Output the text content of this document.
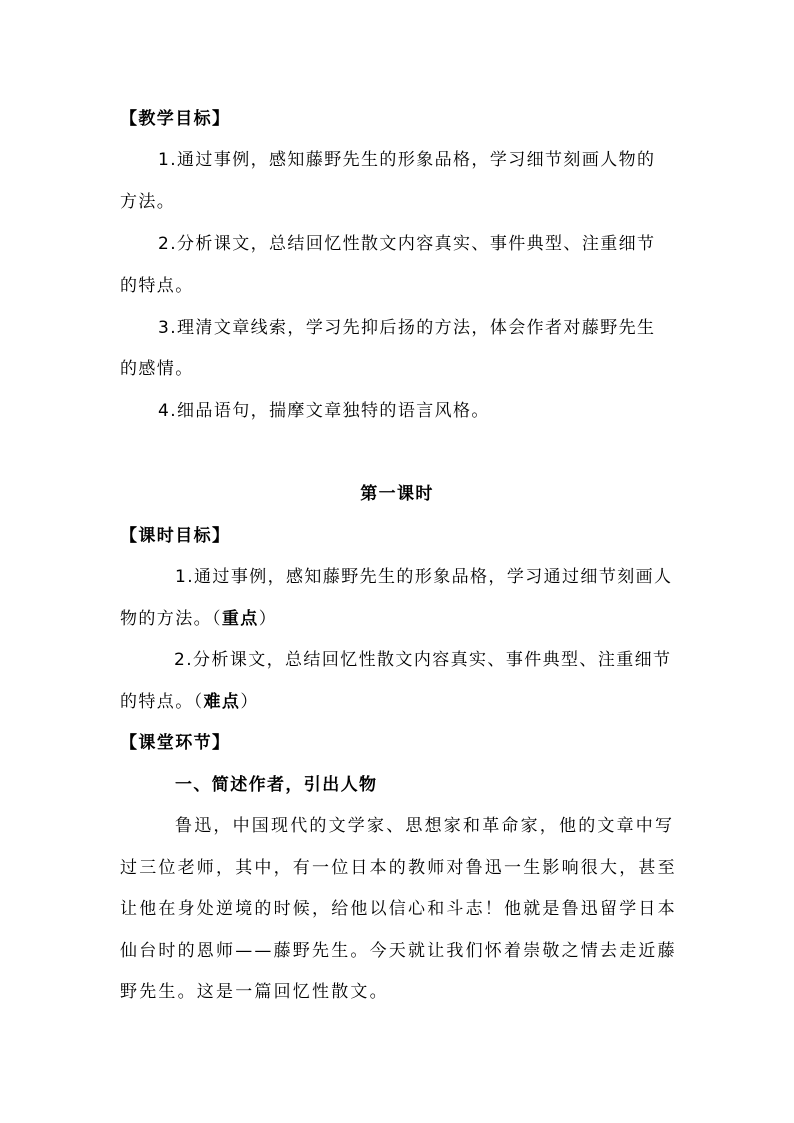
【教学目标】
1.通过事例，感知藤野先生的形象品格，学习细节刻画人物的
方法。
2.分析课文，总结回忆性散文内容真实、事件典型、注重细节
的特点。
3.理清文章线索，学习先抑后扬的方法，体会作者对藤野先生
的感情。
4.细品语句，揣摩文章独特的语言风格。
第一课时
【课时目标】
1.通过事例，感知藤野先生的形象品格，学习通过细节刻画人
物的方法。（重点）
2.分析课文，总结回忆性散文内容真实、事件典型、注重细节
的特点。（难点）
【课堂环节】
一、简述作者，引出人物
鲁迅，中国现代的文学家、思想家和革命家，他的文章中写
过三位老师，其中，有一位日本的教师对鲁迅一生影响很大，甚至
让他在身处逆境的时候，给他以信心和斗志！他就是鲁迅留学日本
仙台时的恩师——藤野先生。今天就让我们怀着崇敬之情去走近藤
野先生。这是一篇回忆性散文。
